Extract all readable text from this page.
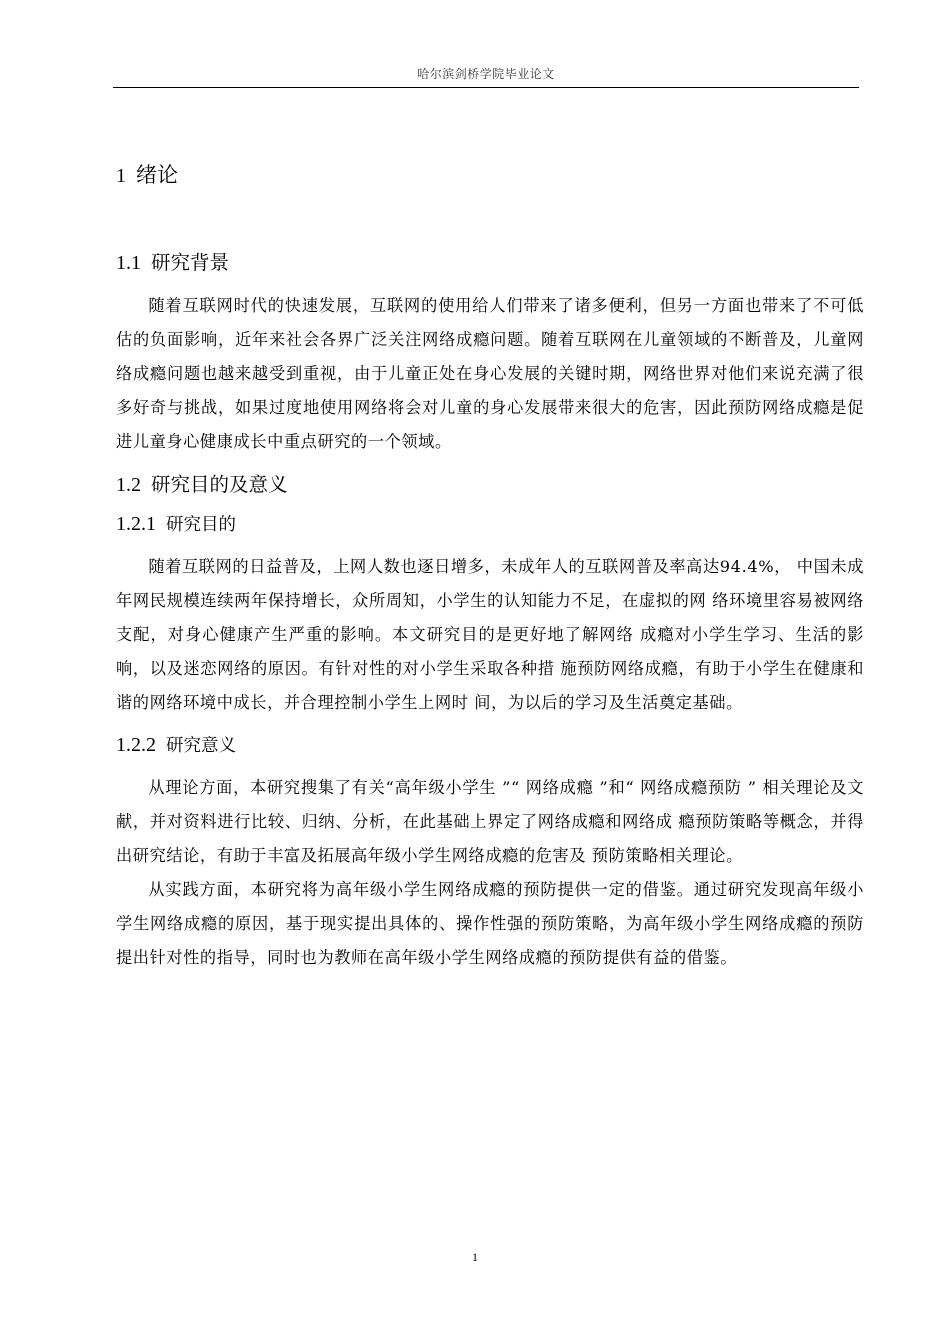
哈尔滨剑桥学院毕业论文
1 绪论
1.1 研究背景

随着互联网时代的快速发展，互联网的使用给人们带来了诸多便利，但另一方面也带来了不可低估的负面影响，近年来社会各界广泛关注网络成瘾问题。随着互联网在儿童领域的不断普及，儿童网络成瘾问题也越来越受到重视，由于儿童正处在身心发展的关键时期，网络世界对他们来说充满了很多好奇与挑战，如果过度地使用网络将会对儿童的身心发展带来很大的危害，因此预防网络成瘾是促进儿童身心健康成长中重点研究的一个领域。

1.2 研究目的及意义
1.2.1 研究目的

随着互联网的日益普及，上网人数也逐日增多，未成年人的互联网普及率高达94.4%， 中国未成年网民规模连续两年保持增长，众所周知，小学生的认知能力不足，在虚拟的网 络环境里容易被网络支配，对身心健康产生严重的影响。本文研究目的是更好地了解网络 成瘾对小学生学习、生活的影响，以及迷恋网络的原因。有针对性的对小学生采取各种措 施预防网络成瘾，有助于小学生在健康和谐的网络环境中成长，并合理控制小学生上网时 间，为以后的学习及生活奠定基础。

1.2.2 研究意义

从理论方面，本研究搜集了有关“高年级小学生 ”“ 网络成瘾 ”和“ 网络成瘾预防 ” 相关理论及文献，并对资料进行比较、归纳、分析，在此基础上界定了网络成瘾和网络成 瘾预防策略等概念，并得出研究结论，有助于丰富及拓展高年级小学生网络成瘾的危害及 预防策略相关理论。

从实践方面，本研究将为高年级小学生网络成瘾的预防提供一定的借鉴。通过研究发现高年级小学生网络成瘾的原因，基于现实提出具体的、操作性强的预防策略，为高年级小学生网络成瘾的预防提出针对性的指导，同时也为教师在高年级小学生网络成瘾的预防提供有益的借鉴。

1
